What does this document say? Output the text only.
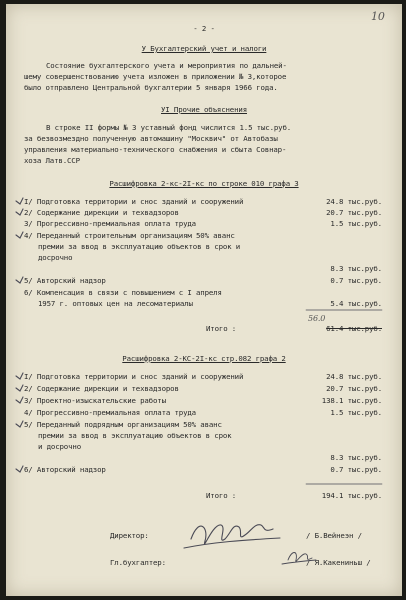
10
- 2 -
У Бухгалтерский учет и налоги
Состояние бухгалтерского учета и мероприятия по дальней-
шему совершенствованию учета изложен в приложении № 3,которое
было отправлено Центральной бухгалтерии 5 января 1966 года.
УI Прочие объяснения
В строке II формы № 3 уставный фонд числится 1.5 тыс.руб.
за безвозмездно полученную автомашину "Москвич" от Автобазы
управления материально-технического снабжения и сбыта Совнар-
хоза Латв.ССР
Расшифровка 2-кс-2I-кс по строке 010 графа 3
I/ Подготовка территории и снос зданий и сооружений	24.8 тыс.руб.
2/ Содержание дирекции и техвадзоров	20.7 тыс.руб.
3/ Прогрессивно-премиальная оплата труда	1.5 тыс.руб.
4/ Переданный строительным организациям 50% аванс
премии за ввод в эксплуатацию объектов в срок и
досрочно
8.3 тыс.руб.
5/ Авторский надзор	0.7 тыс.руб.
6/ Компенсация в связи с повышением с I апреля
1957 г. оптовых цен на лесоматериалы	5.4 тыс.руб.
56.0
Итого :	61.4 тыс.руб.
Расшифровка 2-КС-2I-кс стр.082 графа 2
I/ Подготовка территории и снос зданий и сооружений	24.8 тыс.руб.
2/ Содержание дирекции и техвадзоров	20.7 тыс.руб.
3/ Проектно-изыскательские работы	138.1 тыс.руб.
4/ Прогрессивно-премиальная оплата труда	1.5 тыс.руб.
5/ Переданный подрядным организациям 50% аванс
премии за ввод в эксплуатацию объектов в срок
и досрочно
8.3 тыс.руб.
6/ Авторский надзор	0.7 тыс.руб.
Итого :	194.1 тыс.руб.
Директор:	/ Б.Вейнеэн /
Гл.бухгалтер:	/ Я.Какениньш /
